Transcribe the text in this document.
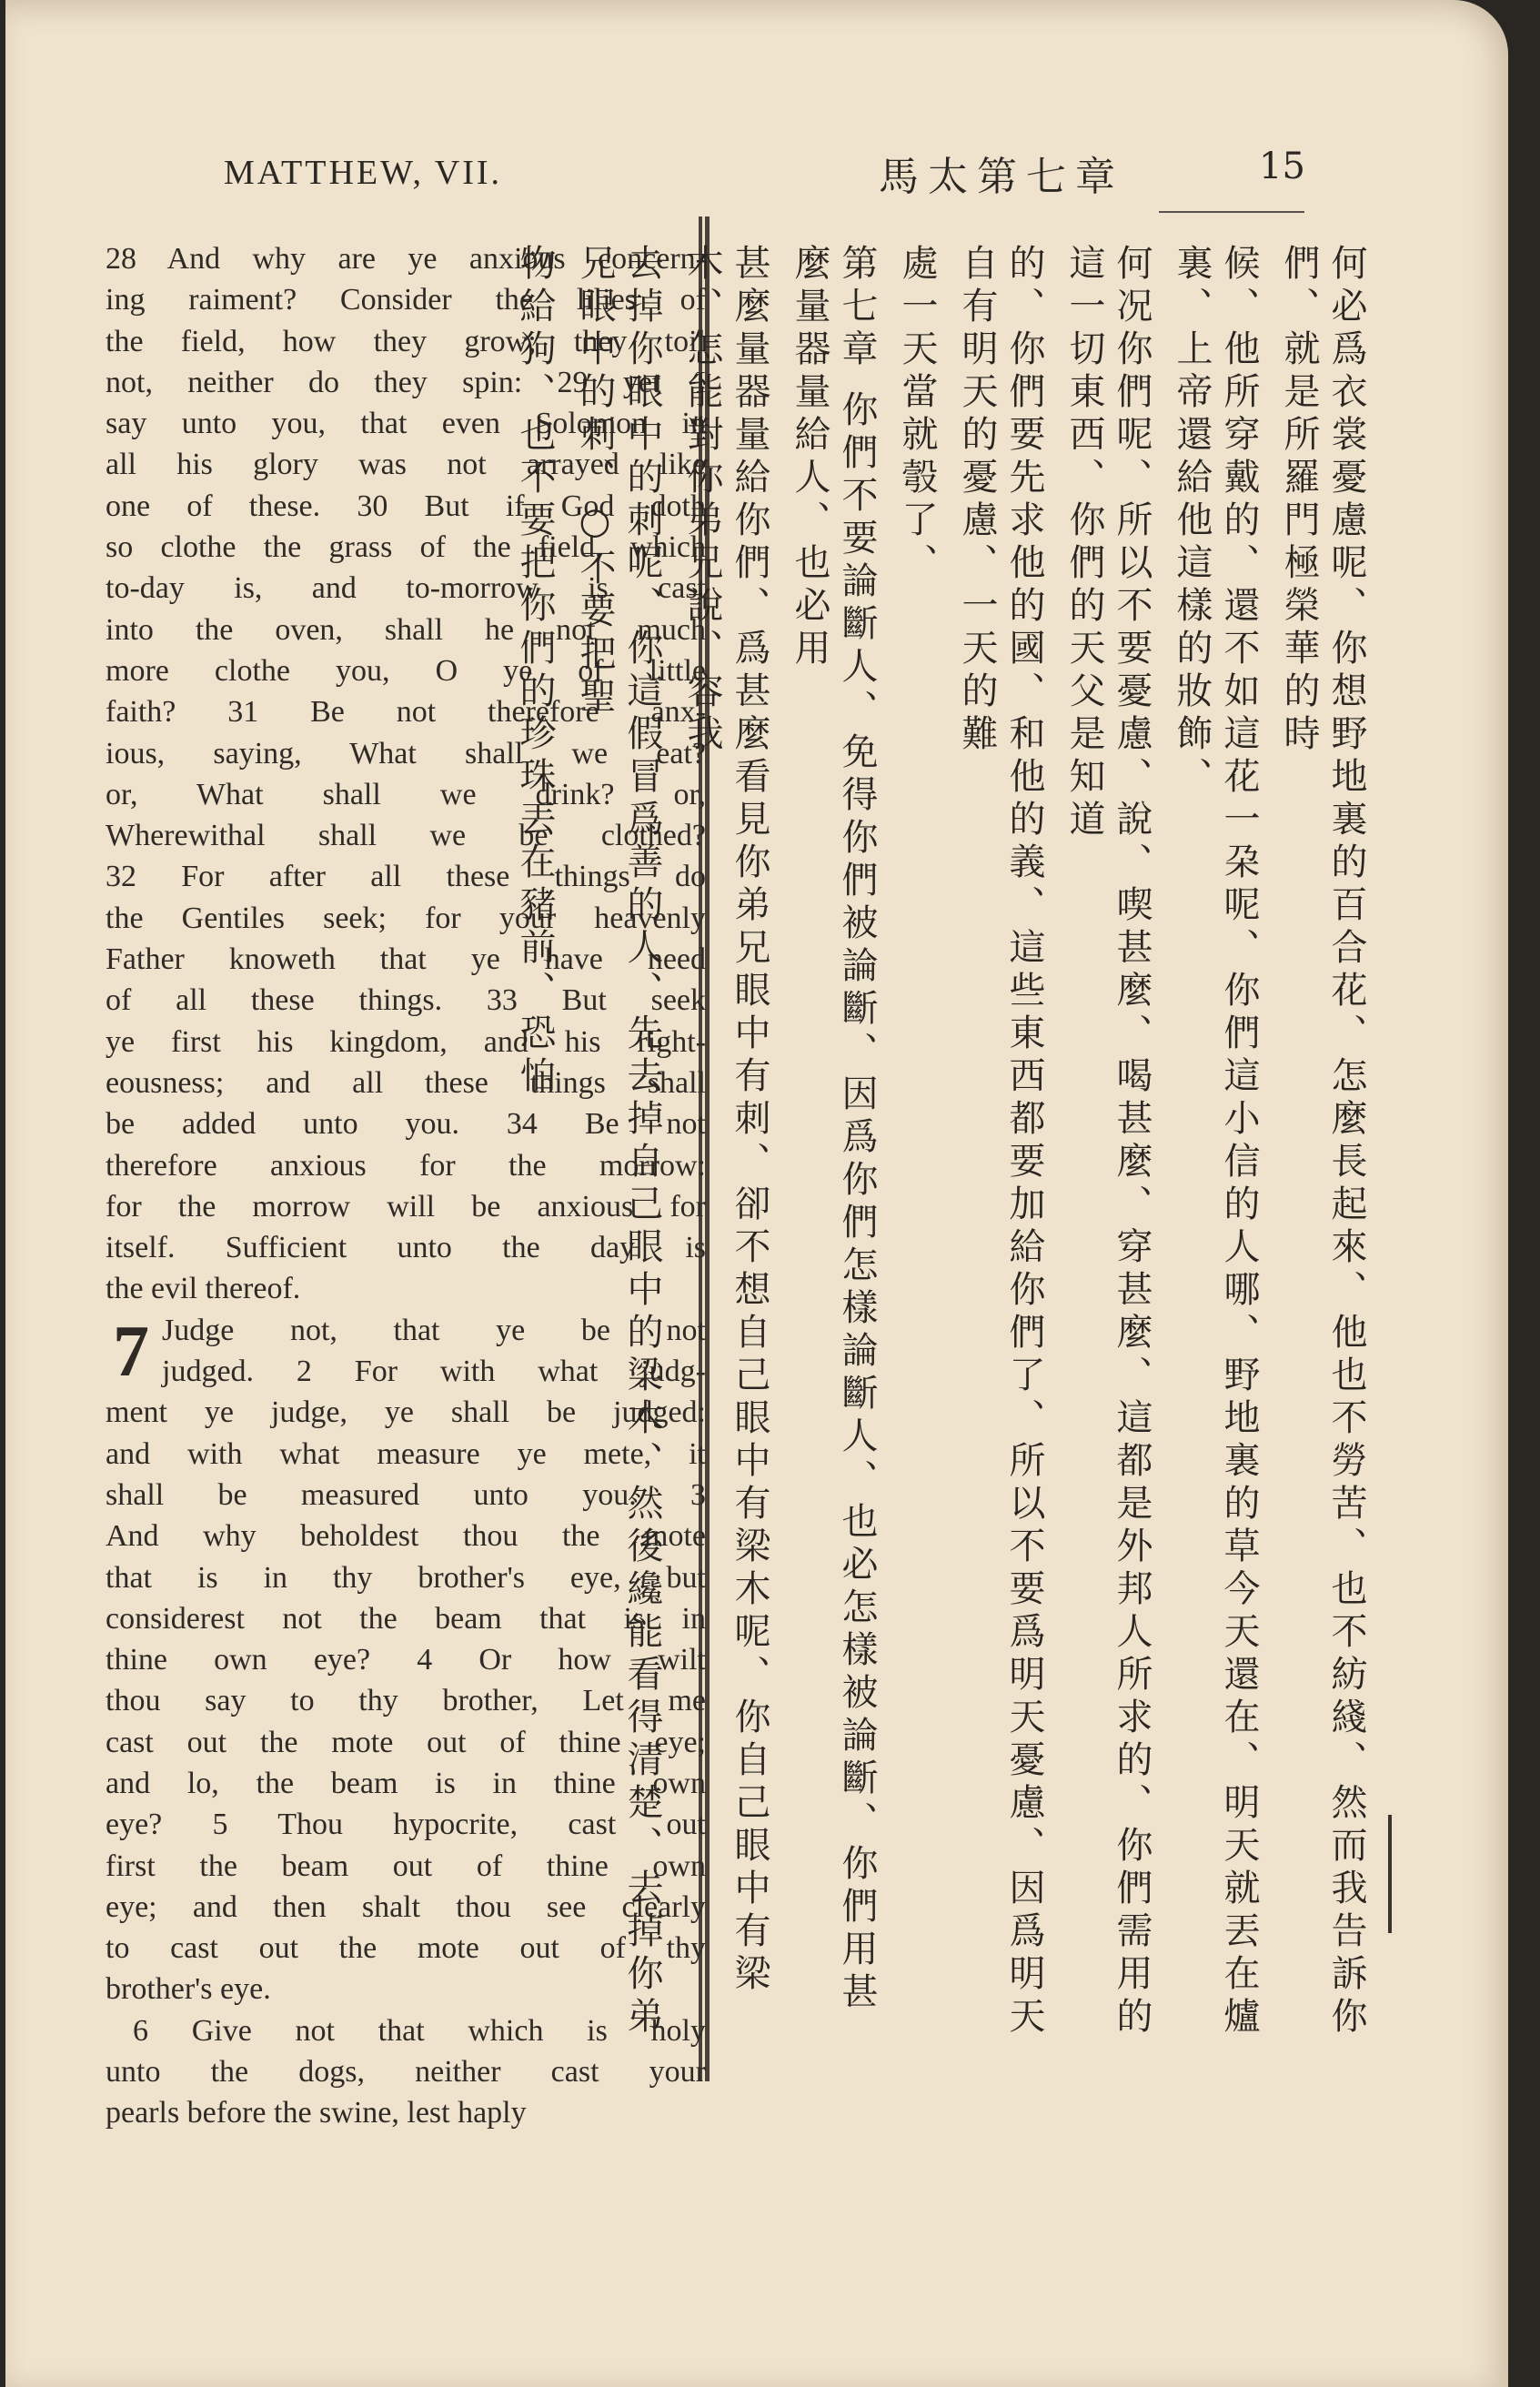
MATTHEW, VII.	馬太第七章	15
28 And why are ye anxious concern-
ing raiment? Consider the lilies of
the field, how they grow; they toil
not, neither do they spin: 29 yet I
say unto you, that even Solomon in
all his glory was not arrayed like
one of these. 30 But if God doth
so clothe the grass of the field, which
to-day is, and to-morrow is cast
into the oven, shall he not much
more clothe you, O ye of little
faith? 31 Be not therefore anx-
ious, saying, What shall we eat?
or, What shall we drink? or,
Wherewithal shall we be clothed?
32 For after all these things do
the Gentiles seek; for your heavenly
Father knoweth that ye have need
of all these things. 33 But seek
ye first his kingdom, and his right-
eousness; and all these things shall
be added unto you. 34 Be not
therefore anxious for the morrow:
for the morrow will be anxious for
itself. Sufficient unto the day is
the evil thereof.
7 Judge not, that ye be not
judged. 2 For with what judg-
ment ye judge, ye shall be judged:
and with what measure ye mete, it
shall be measured unto you. 3
And why beholdest thou the mote
that is in thy brother's eye, but
considerest not the beam that is in
thine own eye? 4 Or how wilt
thou say to thy brother, Let me
cast out the mote out of thine eye;
and lo, the beam is in thine own
eye? 5 Thou hypocrite, cast out
first the beam out of thine own
eye; and then shalt thou see clearly
to cast out the mote out of thy
brother's eye.
6 Give not that which is holy
unto the dogs, neither cast your
pearls before the swine, lest haply
何必爲衣裳憂慮呢、你想野地裏的百合花、怎麼長起來、他也不勞苦、也不紡綫、然而我告訴你們、就是所羅門極榮華的時
候、他所穿戴的、還不如這花一朶呢、你們這小信的人哪、野地裏的草今天還在、明天就丟在爐裏、上帝還給他這樣的妝飾、
何况你們呢、所以不要憂慮、說、喫甚麼、喝甚麼、穿甚麼、這都是外邦人所求的、你們需用的這一切東西、你們的天父是知道
的、你們要先求他的國、和他的義、這些東西都要加給你們了、所以不要爲明天憂慮、因爲明天自有明天的憂慮、一天的難
處一天當就彀了、
第七章 你們不要論斷人、免得你們被論斷、因爲你們怎樣論斷人、也必怎樣被論斷、你們用甚麼量器量給人、也必用
甚麼量器量給你們、爲甚麼看見你弟兄眼中有刺、卻不想自己眼中有梁木呢、你自己眼中有梁木、怎能對你弟兄說、容我
去掉你眼中的刺呢、你這假冒爲善的人、先去掉自己眼中的梁木、然後纔能看得清楚、去掉你弟兄眼中的刺、○不要把聖
物給狗、也不要把你們的珍珠丟在豬前、恐怕
